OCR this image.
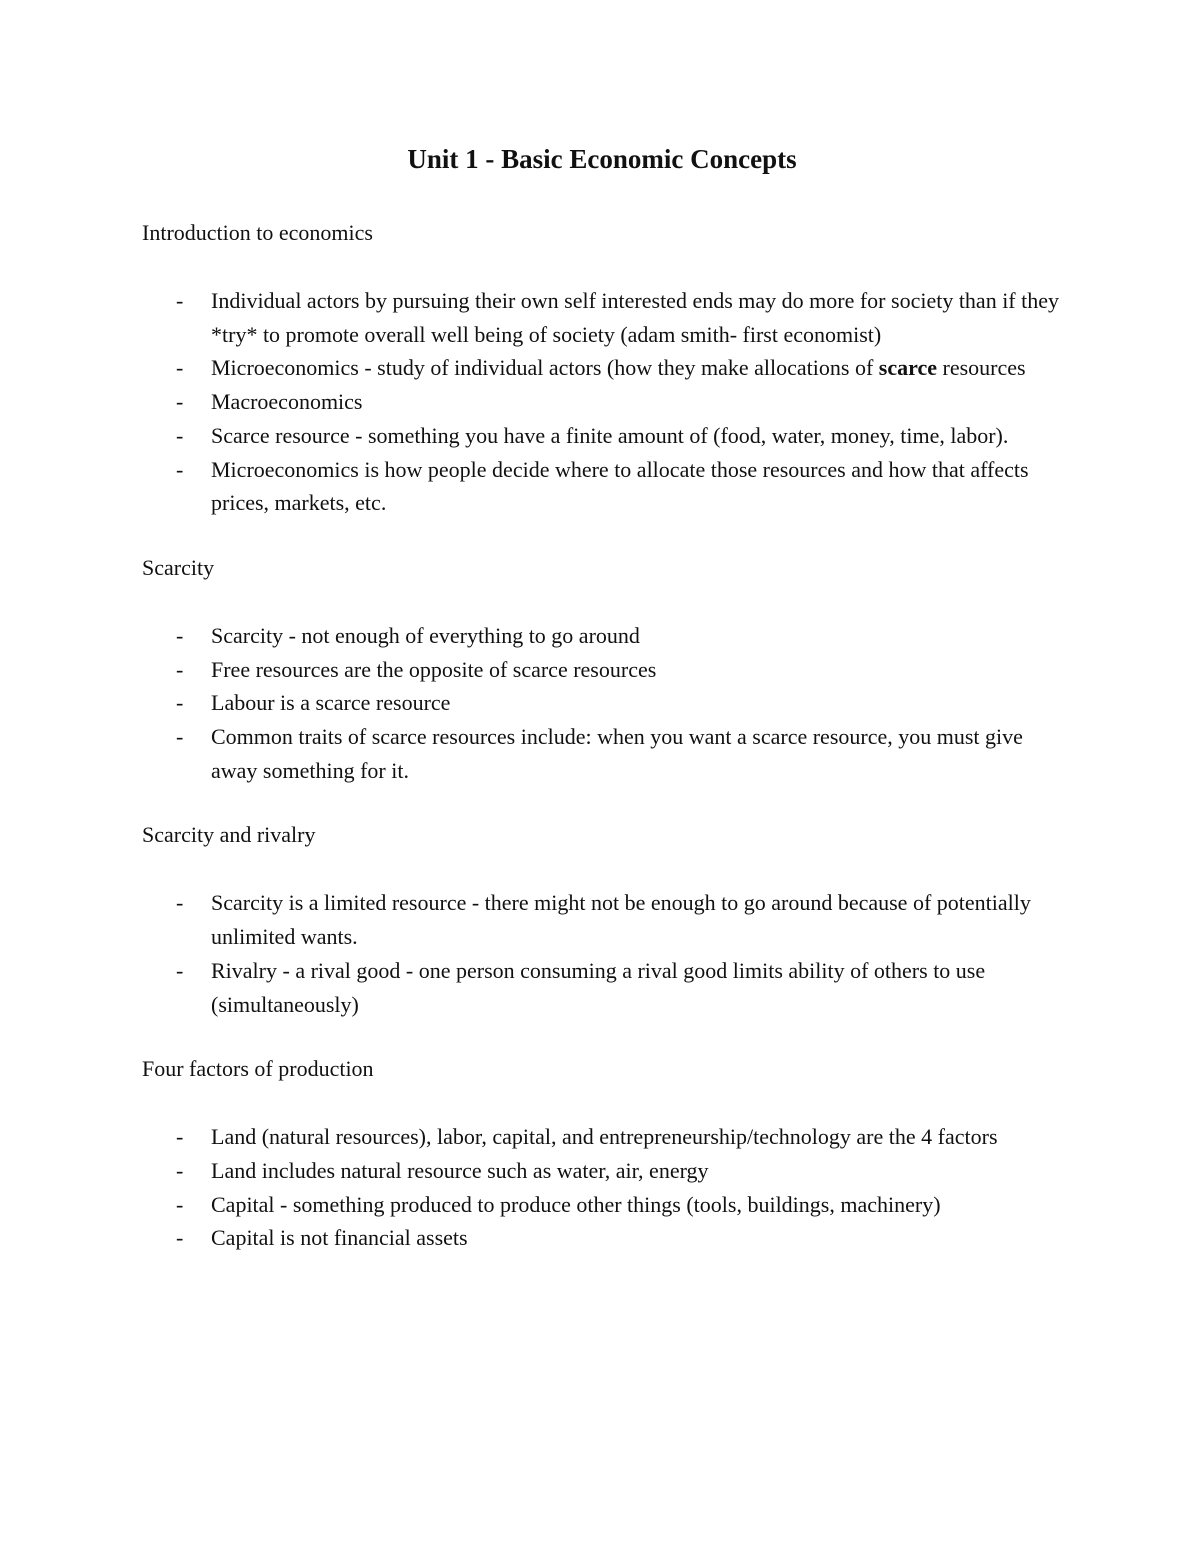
Unit 1 - Basic Economic Concepts

Introduction to economics

- Individual actors by pursuing their own self interested ends may do more for society than if they *try* to promote overall well being of society (adam smith- first economist)
- Microeconomics - study of individual actors (how they make allocations of scarce resources
- Macroeconomics
- Scarce resource - something you have a finite amount of (food, water, money, time, labor).
- Microeconomics is how people decide where to allocate those resources and how that affects prices, markets, etc.

Scarcity

- Scarcity - not enough of everything to go around
- Free resources are the opposite of scarce resources
- Labour is a scarce resource
- Common traits of scarce resources include: when you want a scarce resource, you must give away something for it.

Scarcity and rivalry

- Scarcity is a limited resource - there might not be enough to go around because of potentially unlimited wants.
- Rivalry - a rival good - one person consuming a rival good limits ability of others to use (simultaneously)

Four factors of production

- Land (natural resources), labor, capital, and entrepreneurship/technology are the 4 factors
- Land includes natural resource such as water, air, energy
- Capital - something produced to produce other things (tools, buildings, machinery)
- Capital is not financial assets
